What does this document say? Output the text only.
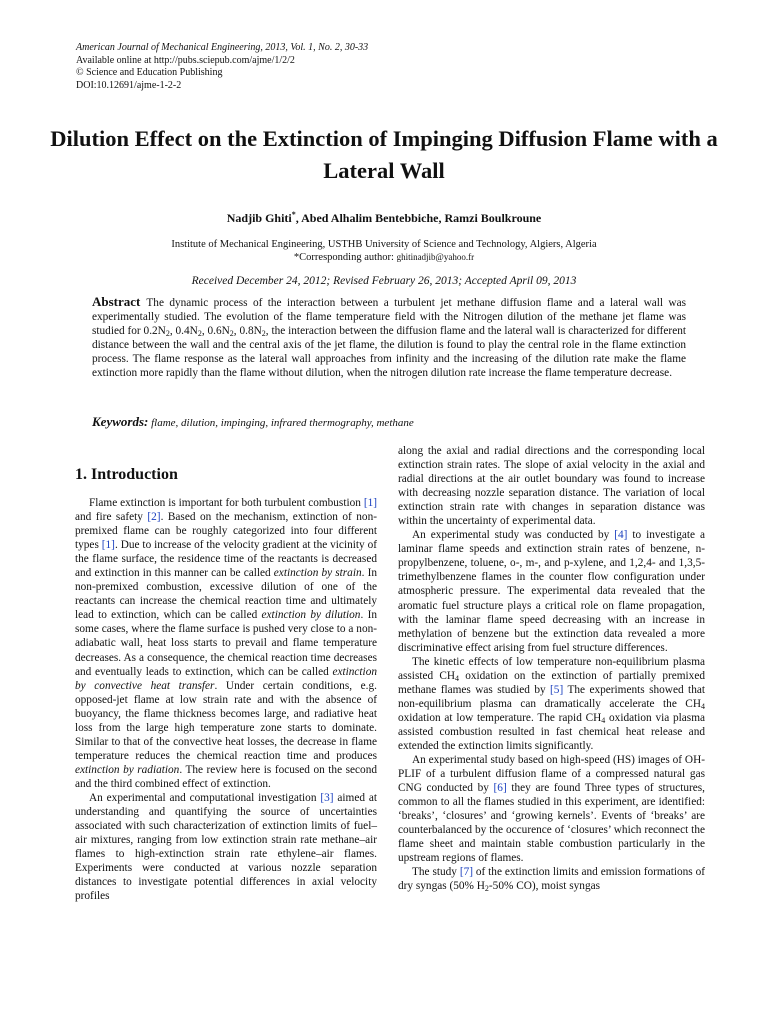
American Journal of Mechanical Engineering, 2013, Vol. 1, No. 2, 30-33
Available online at http://pubs.sciepub.com/ajme/1/2/2
© Science and Education Publishing
DOI:10.12691/ajme-1-2-2
Dilution Effect on the Extinction of Impinging Diffusion Flame with a Lateral Wall
Nadjib Ghiti*, Abed Alhalim Bentebbiche, Ramzi Boulkroune
Institute of Mechanical Engineering, USTHB University of Science and Technology, Algiers, Algeria
*Corresponding author: ghitinadjib@yahoo.fr
Received December 24, 2012; Revised February 26, 2013; Accepted April 09, 2013
Abstract The dynamic process of the interaction between a turbulent jet methane diffusion flame and a lateral wall was experimentally studied. The evolution of the flame temperature field with the Nitrogen dilution of the methane jet flame was studied for $0.2N_2$, $0.4N_2$, $0.6N_2$, $0.8N_2$, the interaction between the diffusion flame and the lateral wall is characterized for different distance between the wall and the central axis of the jet flame, the dilution is found to play the central role in the flame extinction process. The flame response as the lateral wall approaches from infinity and the increasing of the dilution rate make the flame extinction more rapidly than the flame without dilution, when the nitrogen dilution rate increase the flame temperature decrease.
Keywords: flame, dilution, impinging, infrared thermography, methane
1. Introduction

Flame extinction is important for both turbulent combustion [1] and fire safety [2]. Based on the mechanism, extinction of non-premixed flame can be roughly categorized into four different types [1]. Due to increase of the velocity gradient at the vicinity of the flame surface, the residence time of the reactants is decreased and extinction in this manner can be called extinction by strain. In non-premixed combustion, excessive dilution of one of the reactants can increase the chemical reaction time and ultimately lead to extinction, which can be called extinction by dilution. In some cases, where the flame surface is pushed very close to a non-adiabatic wall, heat loss starts to prevail and flame temperature decreases. As a consequence, the chemical reaction time decreases and eventually leads to extinction, which can be called extinction by convective heat transfer. Under certain conditions, e.g. opposed-jet flame at low strain rate and with the absence of buoyancy, the flame thickness becomes large, and radiative heat loss from the large high temperature zone starts to dominate. Similar to that of the convective heat losses, the decrease in flame temperature reduces the chemical reaction time and produces extinction by radiation. The review here is focused on the second and the third combined effect of extinction.

An experimental and computational investigation [3] aimed at understanding and quantifying the source of uncertainties associated with such characterization of extinction limits of fuel–air mixtures, ranging from low extinction strain rate methane–air flames to high-extinction strain rate ethylene–air flames. Experiments were conducted at various nozzle separation distances to investigate potential differences in axial velocity profiles

along the axial and radial directions and the corresponding local extinction strain rates. The slope of axial velocity in the axial and radial directions at the air outlet boundary was found to increase with decreasing nozzle separation distance. The variation of local extinction strain rate with changes in separation distance was within the uncertainty of experimental data.

An experimental study was conducted by [4] to investigate a laminar flame speeds and extinction strain rates of benzene, n-propylbenzene, toluene, o-, m-, and p-xylene, and 1,2,4- and 1,3,5-trimethylbenzene flames in the counter flow configuration under atmospheric pressure. The experimental data revealed that the aromatic fuel structure plays a critical role on flame propagation, with the laminar flame speed decreasing with an increase in methylation of benzene but the extinction data revealed a more discriminative effect arising from fuel structure differences.

The kinetic effects of low temperature non-equilibrium plasma assisted $CH_4$ oxidation on the extinction of partially premixed methane flames was studied by [5] The experiments showed that non-equilibrium plasma can dramatically accelerate the $CH_4$ oxidation at low temperature. The rapid $CH_4$ oxidation via plasma assisted combustion resulted in fast chemical heat release and extended the extinction limits significantly.

An experimental study based on high-speed (HS) images of OH-PLIF of a turbulent diffusion flame of a compressed natural gas CNG conducted by [6] they are found Three types of structures, common to all the flames studied in this experiment, are identified: ‘breaks’, ‘closures’ and ‘growing kernels’. Events of ‘breaks’ are counterbalanced by the occurence of ‘closures’ which reconnect the flame sheet and maintain stable combustion particularly in the upstream regions of flames.

The study [7] of the extinction limits and emission formations of dry syngas (50% $H_2-50\%$ CO), moist syngas
